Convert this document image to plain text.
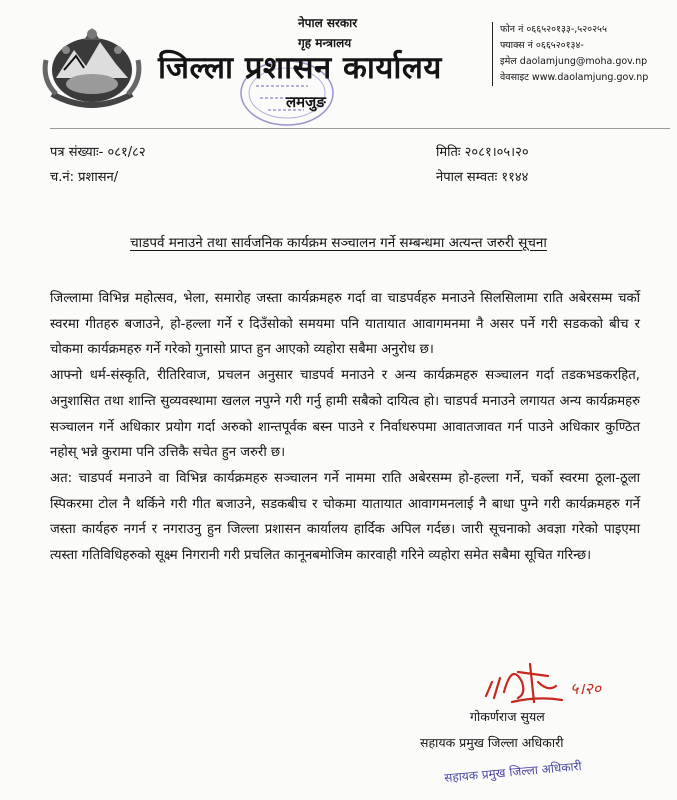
नेपाल सरकार
गृह मन्त्रालय
जिल्ला प्रशासन कार्यालय
लमजुङ
फोन नं ०६६५२०१३३-,५२०२५५
फ्याक्स नं ०६६५२०१३४-
इमेल daolamjung@moha.gov.np
वेवसाइट www.daolamjung.gov.np
पत्र संख्याः- ०८१/८२
च.नं: प्रशासन/
मितिः २०८१।०५।२०
नेपाल सम्वतः ११४४
चाडपर्व मनाउने तथा सार्वजनिक कार्यक्रम सञ्चालन गर्ने सम्बन्धमा अत्यन्त जरुरी सूचना

जिल्लामा विभिन्न महोत्सव, भेला, समारोह जस्ता कार्यक्रमहरु गर्दा वा चाडपर्वहरु मनाउने सिलसिलामा राति अबेरसम्म चर्को स्वरमा गीतहरु बजाउने, हो-हल्ला गर्ने र दिउँसोको समयमा पनि यातायात आवागमनमा नै असर पर्ने गरी सडकको बीच र चोकमा कार्यक्रमहरु गर्ने गरेको गुनासो प्राप्त हुन आएको व्यहोरा सबैमा अनुरोध छ।

आफ्नो धर्म-संस्कृति, रीतिरिवाज, प्रचलन अनुसार चाडपर्व मनाउने र अन्य कार्यक्रमहरु सञ्चालन गर्दा तडकभडकरहित, अनुशासित तथा शान्ति सुव्यवस्थामा खलल नपुग्ने गरी गर्नु हामी सबैको दायित्व हो। चाडपर्व मनाउने लगायत अन्य कार्यक्रमहरु सञ्चालन गर्ने अधिकार प्रयोग गर्दा अरुको शान्तपूर्वक बस्न पाउने र निर्वाधरुपमा आवातजावत गर्न पाउने अधिकार कुण्ठित नहोस् भन्ने कुरामा पनि उत्तिकै सचेत हुन जरुरी छ।

अत: चाडपर्व मनाउने वा विभिन्न कार्यक्रमहरु सञ्चालन गर्ने नाममा राति अबेरसम्म हो-हल्ला गर्ने, चर्को स्वरमा ठूला-ठूला स्पिकरमा टोल नै थर्किने गरी गीत बजाउने, सडकबीच र चोकमा यातायात आवागमनलाई नै बाधा पुग्ने गरी कार्यक्रमहरु गर्ने जस्ता कार्यहरु नगर्न र नगराउनु हुन जिल्ला प्रशासन कार्यालय हार्दिक अपिल गर्दछ। जारी सूचनाको अवज्ञा गरेको पाइएमा त्यस्ता गतिविधिहरुको सूक्ष्म निगरानी गरी प्रचलित कानूनबमोजिम कारवाही गरिने व्यहोरा समेत सबैमा सूचित गरिन्छ।

५।२०
गोकर्णराज सुयल
सहायक प्रमुख जिल्ला अधिकारी
सहायक प्रमुख जिल्ला अधिकारी
